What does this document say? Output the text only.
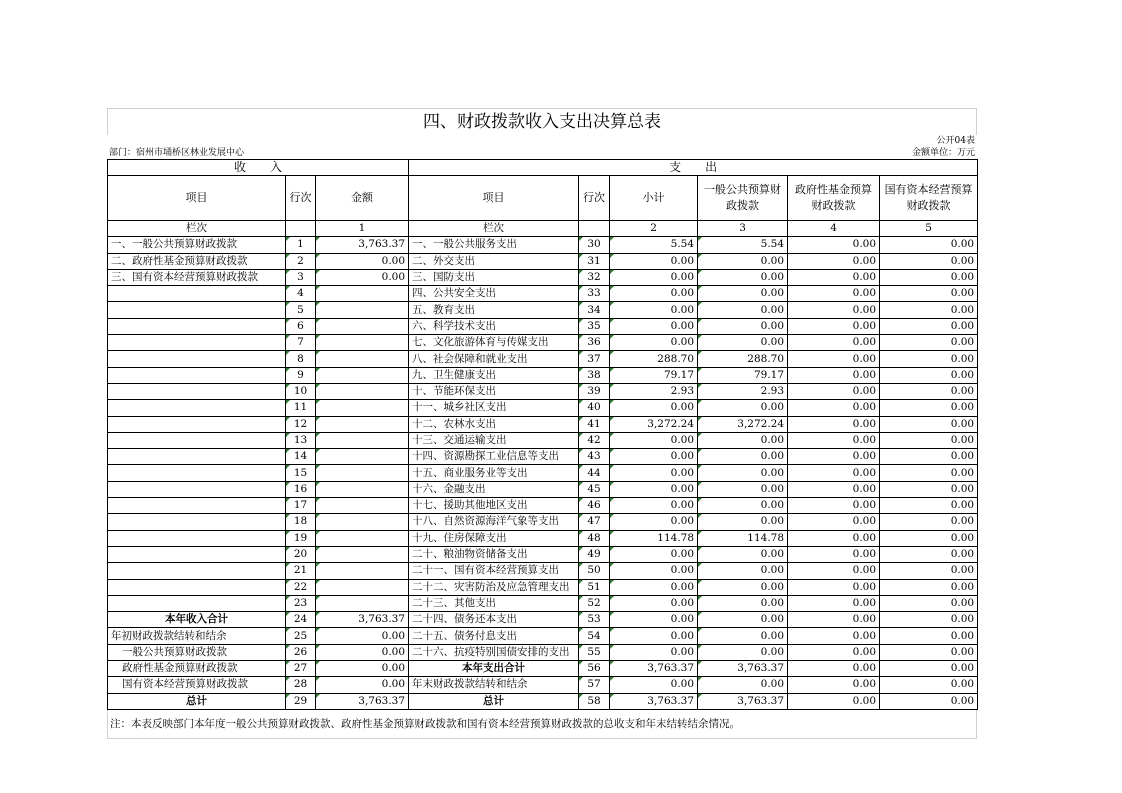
四、财政拨款收入支出决算总表
公开04表
部门：宿州市埇桥区林业发展中心	金额单位：万元
收　　入			支　　出					
项目	行次	金额	项目	行次	小计	一般公共预算财政拨款	政府性基金预算财政拨款	国有资本经营预算财政拨款
栏次		1	栏次		2	3	4	5
一、一般公共预算财政拨款	1	3,763.37	一、一般公共服务支出	30	5.54	5.54	0.00	0.00
二、政府性基金预算财政拨款	2	0.00	二、外交支出	31	0.00	0.00	0.00	0.00
三、国有资本经营预算财政拨款	3	0.00	三、国防支出	32	0.00	0.00	0.00	0.00
	4		四、公共安全支出	33	0.00	0.00	0.00	0.00
	5		五、教育支出	34	0.00	0.00	0.00	0.00
	6		六、科学技术支出	35	0.00	0.00	0.00	0.00
	7		七、文化旅游体育与传媒支出	36	0.00	0.00	0.00	0.00
	8		八、社会保障和就业支出	37	288.70	288.70	0.00	0.00
	9		九、卫生健康支出	38	79.17	79.17	0.00	0.00
	10		十、节能环保支出	39	2.93	2.93	0.00	0.00
	11		十一、城乡社区支出	40	0.00	0.00	0.00	0.00
	12		十二、农林水支出	41	3,272.24	3,272.24	0.00	0.00
	13		十三、交通运输支出	42	0.00	0.00	0.00	0.00
	14		十四、资源勘探工业信息等支出	43	0.00	0.00	0.00	0.00
	15		十五、商业服务业等支出	44	0.00	0.00	0.00	0.00
	16		十六、金融支出	45	0.00	0.00	0.00	0.00
	17		十七、援助其他地区支出	46	0.00	0.00	0.00	0.00
	18		十八、自然资源海洋气象等支出	47	0.00	0.00	0.00	0.00
	19		十九、住房保障支出	48	114.78	114.78	0.00	0.00
	20		二十、粮油物资储备支出	49	0.00	0.00	0.00	0.00
	21		二十一、国有资本经营预算支出	50	0.00	0.00	0.00	0.00
	22		二十二、灾害防治及应急管理支出	51	0.00	0.00	0.00	0.00
	23		二十三、其他支出	52	0.00	0.00	0.00	0.00
本年收入合计	24	3,763.37	二十四、债务还本支出	53	0.00	0.00	0.00	0.00
年初财政拨款结转和结余	25	0.00	二十五、债务付息支出	54	0.00	0.00	0.00	0.00
一般公共预算财政拨款	26	0.00	二十六、抗疫特别国债安排的支出	55	0.00	0.00	0.00	0.00
政府性基金预算财政拨款	27	0.00	本年支出合计	56	3,763.37	3,763.37	0.00	0.00
国有资本经营预算财政拨款	28	0.00	年末财政拨款结转和结余	57	0.00	0.00	0.00	0.00
总计	29	3,763.37	总计	58	3,763.37	3,763.37	0.00	0.00
注：本表反映部门本年度一般公共预算财政拨款、政府性基金预算财政拨款和国有资本经营预算财政拨款的总收支和年末结转结余情况。
